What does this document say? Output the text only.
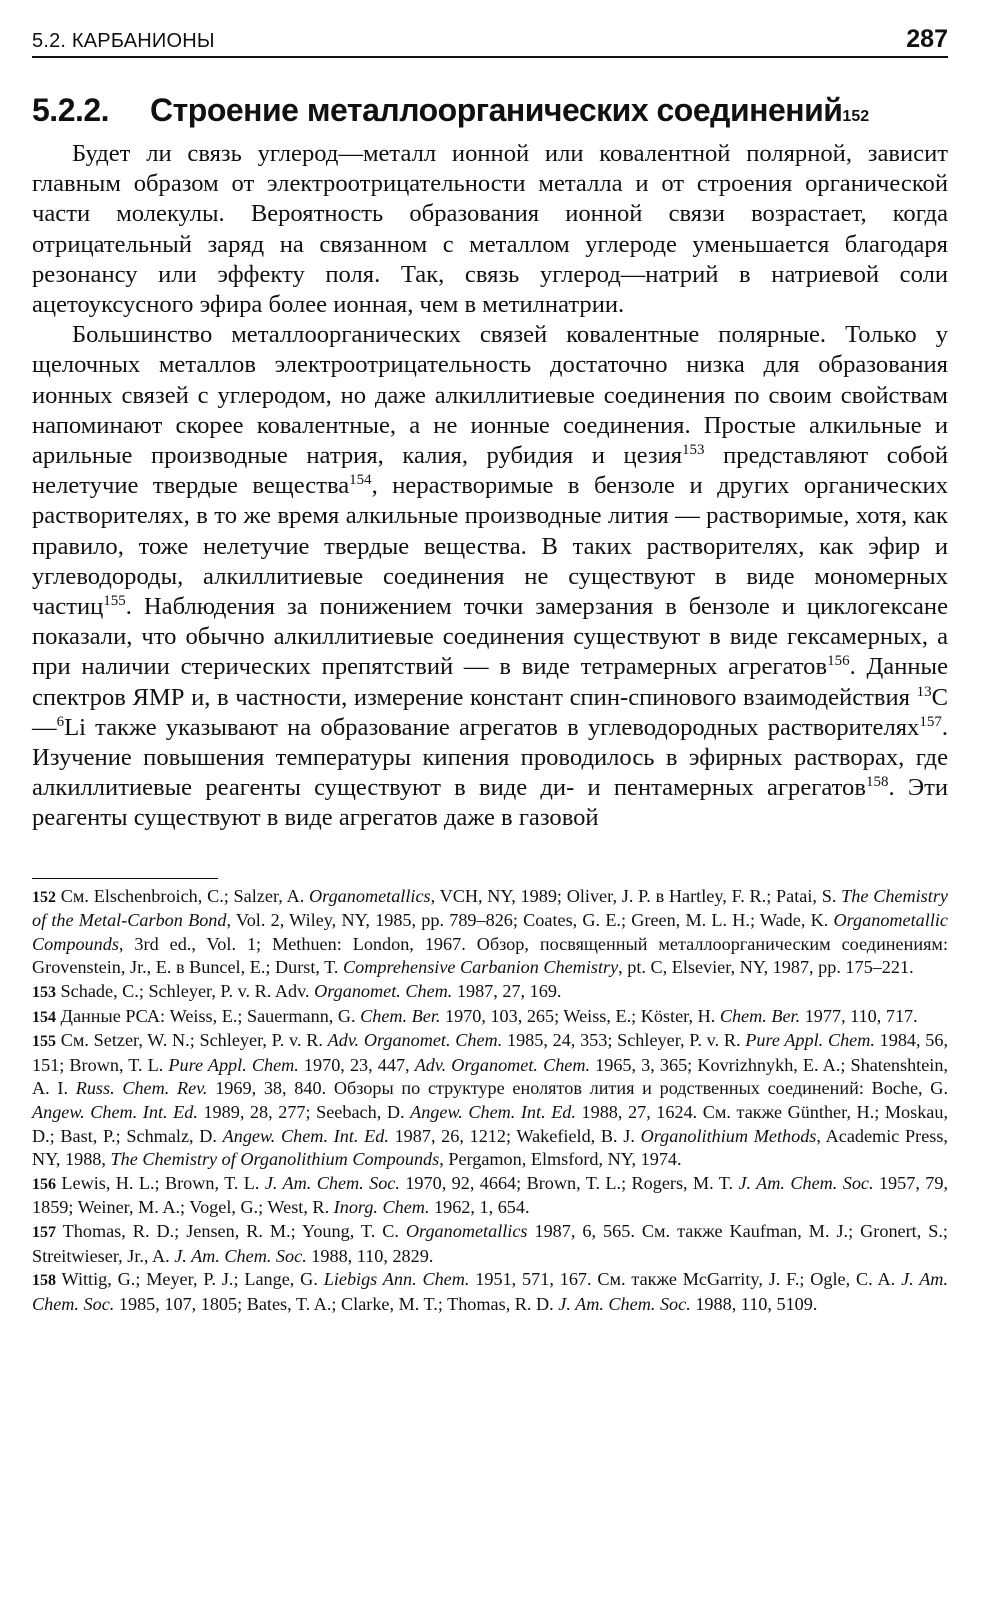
5.2. КАРБАНИОНЫ	287
5.2.2.	Строение металлоорганических соединений$_{152}$

Будет ли связь углерод—металл ионной или ковалентной полярной, зависит главным образом от электроотрицательности металла и от строения органической части молекулы. Вероятность образования ионной связи возрастает, когда отрицательный заряд на связанном с металлом углероде уменьшается благодаря резонансу или эффекту поля. Так, связь углерод—натрий в натриевой соли ацетоуксусного эфира более ионная, чем в метилнатрии.

Большинство металлоорганических связей ковалентные полярные. Только у щелочных металлов электроотрицательность достаточно низка для образования ионных связей с углеродом, но даже алкиллитиевые соединения по своим свойствам напоминают скорее ковалентные, а не ионные соединения. Простые алкильные и арильные производные натрия, калия, рубидия и цезия$^{153}$ представляют собой нелетучие твердые вещества$^{154}$, нерастворимые в бензоле и других органических растворителях, в то же время алкильные производные лития — растворимые, хотя, как правило, тоже нелетучие твердые вещества. В таких растворителях, как эфир и углеводороды, алкиллитиевые соединения не существуют в виде мономерных частиц$^{155}$. Наблюдения за понижением точки замерзания в бензоле и циклогексане показали, что обычно алкиллитиевые соединения существуют в виде гексамерных, а при наличии стерических препятствий — в виде тетрамерных агрегатов$^{156}$. Данные спектров ЯМР и, в частности, измерение констант спин-спинового взаимодействия $^{13}$C—$^6$Li также указывают на образование агрегатов в углеводородных растворителях$^{157}$. Изучение повышения температуры кипения проводилось в эфирных растворах, где алкиллитиевые реагенты существуют в виде ди- и пентамерных агрегатов$^{158}$. Эти реагенты существуют в виде агрегатов даже в газовой

152 См. Elschenbroich, C.; Salzer, A. Organometallics, VCH, NY, 1989; Oliver, J. P. в Hartley, F. R.; Patai, S. The Chemistry of the Metal-Carbon Bond, Vol. 2, Wiley, NY, 1985, pp. 789–826; Coates, G. E.; Green, M. L. H.; Wade, K. Organometallic Compounds, 3rd ed., Vol. 1; Methuen: London, 1967. Обзор, посвященный металлоорганическим соединениям: Grovenstein, Jr., E. в Buncel, E.; Durst, T. Comprehensive Carbanion Chemistry, pt. C, Elsevier, NY, 1987, pp. 175–221.

153 Schade, C.; Schleyer, P. v. R. Adv. Organomet. Chem. 1987, 27, 169.

154 Данные РСА: Weiss, E.; Sauermann, G. Chem. Ber. 1970, 103, 265; Weiss, E.; Köster, H. Chem. Ber. 1977, 110, 717.

155 См. Setzer, W. N.; Schleyer, P. v. R. Adv. Organomet. Chem. 1985, 24, 353; Schleyer, P. v. R. Pure Appl. Chem. 1984, 56, 151; Brown, T. L. Pure Appl. Chem. 1970, 23, 447, Adv. Organomet. Chem. 1965, 3, 365; Kovrizhnykh, E. A.; Shatenshtein, A. I. Russ. Chem. Rev. 1969, 38, 840. Обзоры по структуре енолятов лития и родственных соединений: Boche, G. Angew. Chem. Int. Ed. 1989, 28, 277; Seebach, D. Angew. Chem. Int. Ed. 1988, 27, 1624. См. также Günther, H.; Moskau, D.; Bast, P.; Schmalz, D. Angew. Chem. Int. Ed. 1987, 26, 1212; Wakefield, B. J. Organolithium Methods, Academic Press, NY, 1988, The Chemistry of Organolithium Compounds, Pergamon, Elmsford, NY, 1974.

156 Lewis, H. L.; Brown, T. L. J. Am. Chem. Soc. 1970, 92, 4664; Brown, T. L.; Rogers, M. T. J. Am. Chem. Soc. 1957, 79, 1859; Weiner, M. A.; Vogel, G.; West, R. Inorg. Chem. 1962, 1, 654.

157 Thomas, R. D.; Jensen, R. M.; Young, T. C. Organometallics 1987, 6, 565. См. также Kaufman, M. J.; Gronert, S.; Streitwieser, Jr., A. J. Am. Chem. Soc. 1988, 110, 2829.

158 Wittig, G.; Meyer, P. J.; Lange, G. Liebigs Ann. Chem. 1951, 571, 167. См. также McGarrity, J. F.; Ogle, C. A. J. Am. Chem. Soc. 1985, 107, 1805; Bates, T. A.; Clarke, M. T.; Thomas, R. D. J. Am. Chem. Soc. 1988, 110, 5109.
